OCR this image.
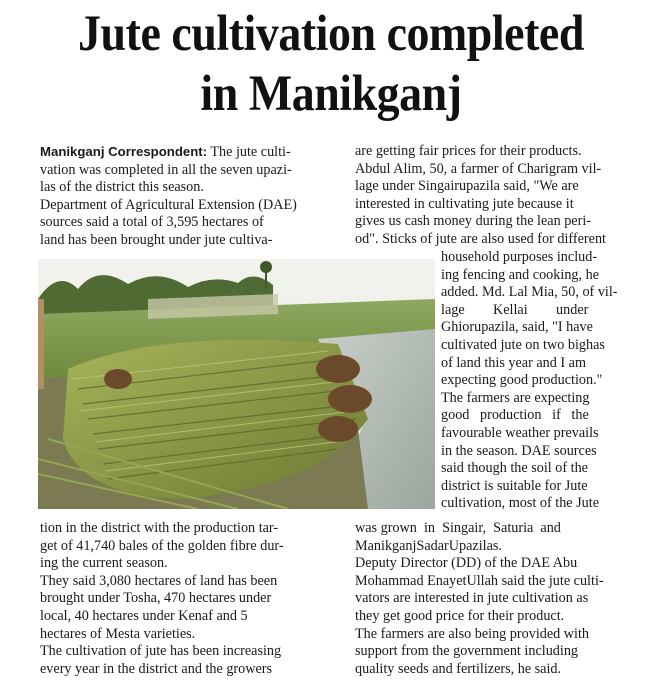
Jute cultivation completed
in Manikganj
Manikganj Correspondent: The jute culti-
vation was completed in all the seven upazi-
las of the district this season.
Department of Agricultural Extension (DAE)
sources said a total of 3,595 hectares of
land has been brought under jute cultiva-
tion in the district with the production tar-
get of 41,740 bales of the golden fibre dur-
ing the current season.
They said 3,080 hectares of land has been
brought under Tosha, 470 hectares under
local, 40 hectares under Kenaf and 5
hectares of Mesta varieties.
The cultivation of jute has been increasing
every year in the district and the growers
are getting fair prices for their products.
Abdul Alim, 50, a farmer of Charigram vil-
lage under Singairupazila said, "We are
interested in cultivating jute because it
gives us cash money during the lean peri-
od". Sticks of jute are also used for different
household purposes includ-
ing fencing and cooking, he
added. Md. Lal Mia, 50, of vil-
lage        Kellai        under
Ghiorupazila, said, "I have
cultivated jute on two bighas
of land this year and I am
expecting good production."
The farmers are expecting
good   production   if   the
favourable weather prevails
in the season. DAE sources
said though the soil of the
district is suitable for Jute
cultivation, most of the Jute
was grown  in  Singair,  Saturia  and
ManikganjSadarUpazilas.
Deputy Director (DD) of the DAE Abu
Mohammad EnayetUllah said the jute culti-
vators are interested in jute cultivation as
they get good price for their product.
The farmers are also being provided with
support from the government including
quality seeds and fertilizers, he said.
